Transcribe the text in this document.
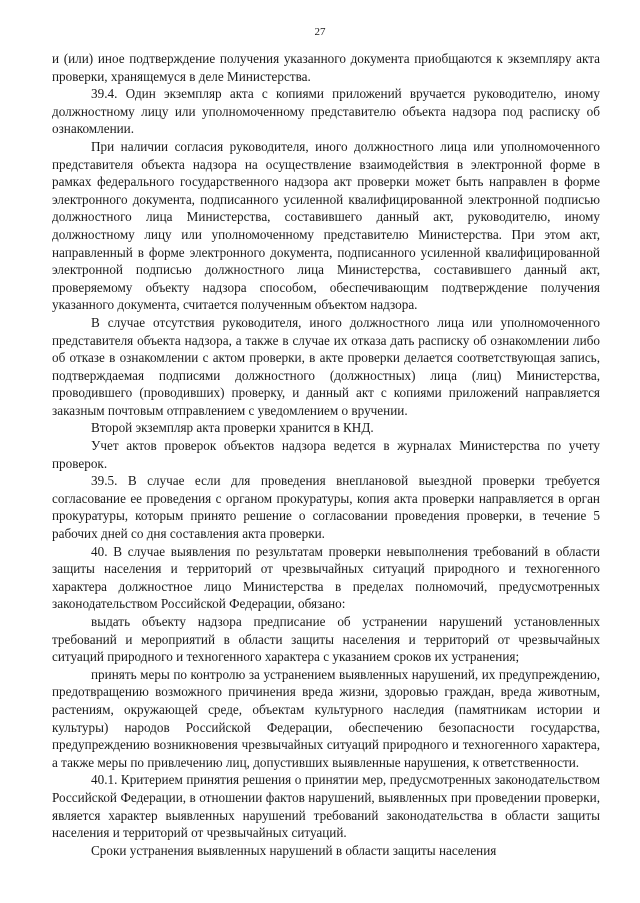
27

и (или) иное подтверждение получения указанного документа приобщаются к экземпляру акта проверки, хранящемуся в деле Министерства.

39.4. Один экземпляр акта с копиями приложений вручается руководителю, иному должностному лицу или уполномоченному представителю объекта надзора под расписку об ознакомлении.

При наличии согласия руководителя, иного должностного лица или уполномоченного представителя объекта надзора на осуществление взаимодействия в электронной форме в рамках федерального государственного надзора акт проверки может быть направлен в форме электронного документа, подписанного усиленной квалифицированной электронной подписью должностного лица Министерства, составившего данный акт, руководителю, иному должностному лицу или уполномоченному представителю Министерства. При этом акт, направленный в форме электронного документа, подписанного усиленной квалифицированной электронной подписью должностного лица Министерства, составившего данный акт, проверяемому объекту надзора способом, обеспечивающим подтверждение получения указанного документа, считается полученным объектом надзора.

В случае отсутствия руководителя, иного должностного лица или уполномоченного представителя объекта надзора, а также в случае их отказа дать расписку об ознакомлении либо об отказе в ознакомлении с актом проверки, в акте проверки делается соответствующая запись, подтверждаемая подписями должностного (должностных) лица (лиц) Министерства, проводившего (проводивших) проверку, и данный акт с копиями приложений направляется заказным почтовым отправлением с уведомлением о вручении.

Второй экземпляр акта проверки хранится в КНД.

Учет актов проверок объектов надзора ведется в журналах Министерства по учету проверок.

39.5. В случае если для проведения внеплановой выездной проверки требуется согласование ее проведения с органом прокуратуры, копия акта проверки направляется в орган прокуратуры, которым принято решение о согласовании проведения проверки, в течение 5 рабочих дней со дня составления акта проверки.

40. В случае выявления по результатам проверки невыполнения требований в области защиты населения и территорий от чрезвычайных ситуаций природного и техногенного характера должностное лицо Министерства в пределах полномочий, предусмотренных законодательством Российской Федерации, обязано:

выдать объекту надзора предписание об устранении нарушений установленных требований и мероприятий в области защиты населения и территорий от чрезвычайных ситуаций природного и техногенного характера с указанием сроков их устранения;

принять меры по контролю за устранением выявленных нарушений, их предупреждению, предотвращению возможного причинения вреда жизни, здоровью граждан, вреда животным, растениям, окружающей среде, объектам культурного наследия (памятникам истории и культуры) народов Российской Федерации, обеспечению безопасности государства, предупреждению возникновения чрезвычайных ситуаций природного и техногенного характера, а также меры по привлечению лиц, допустивших выявленные нарушения, к ответственности.

40.1. Критерием принятия решения о принятии мер, предусмотренных законодательством Российской Федерации, в отношении фактов нарушений, выявленных при проведении проверки, является характер выявленных нарушений требований законодательства в области защиты населения и территорий от чрезвычайных ситуаций.

Сроки устранения выявленных нарушений в области защиты населения
